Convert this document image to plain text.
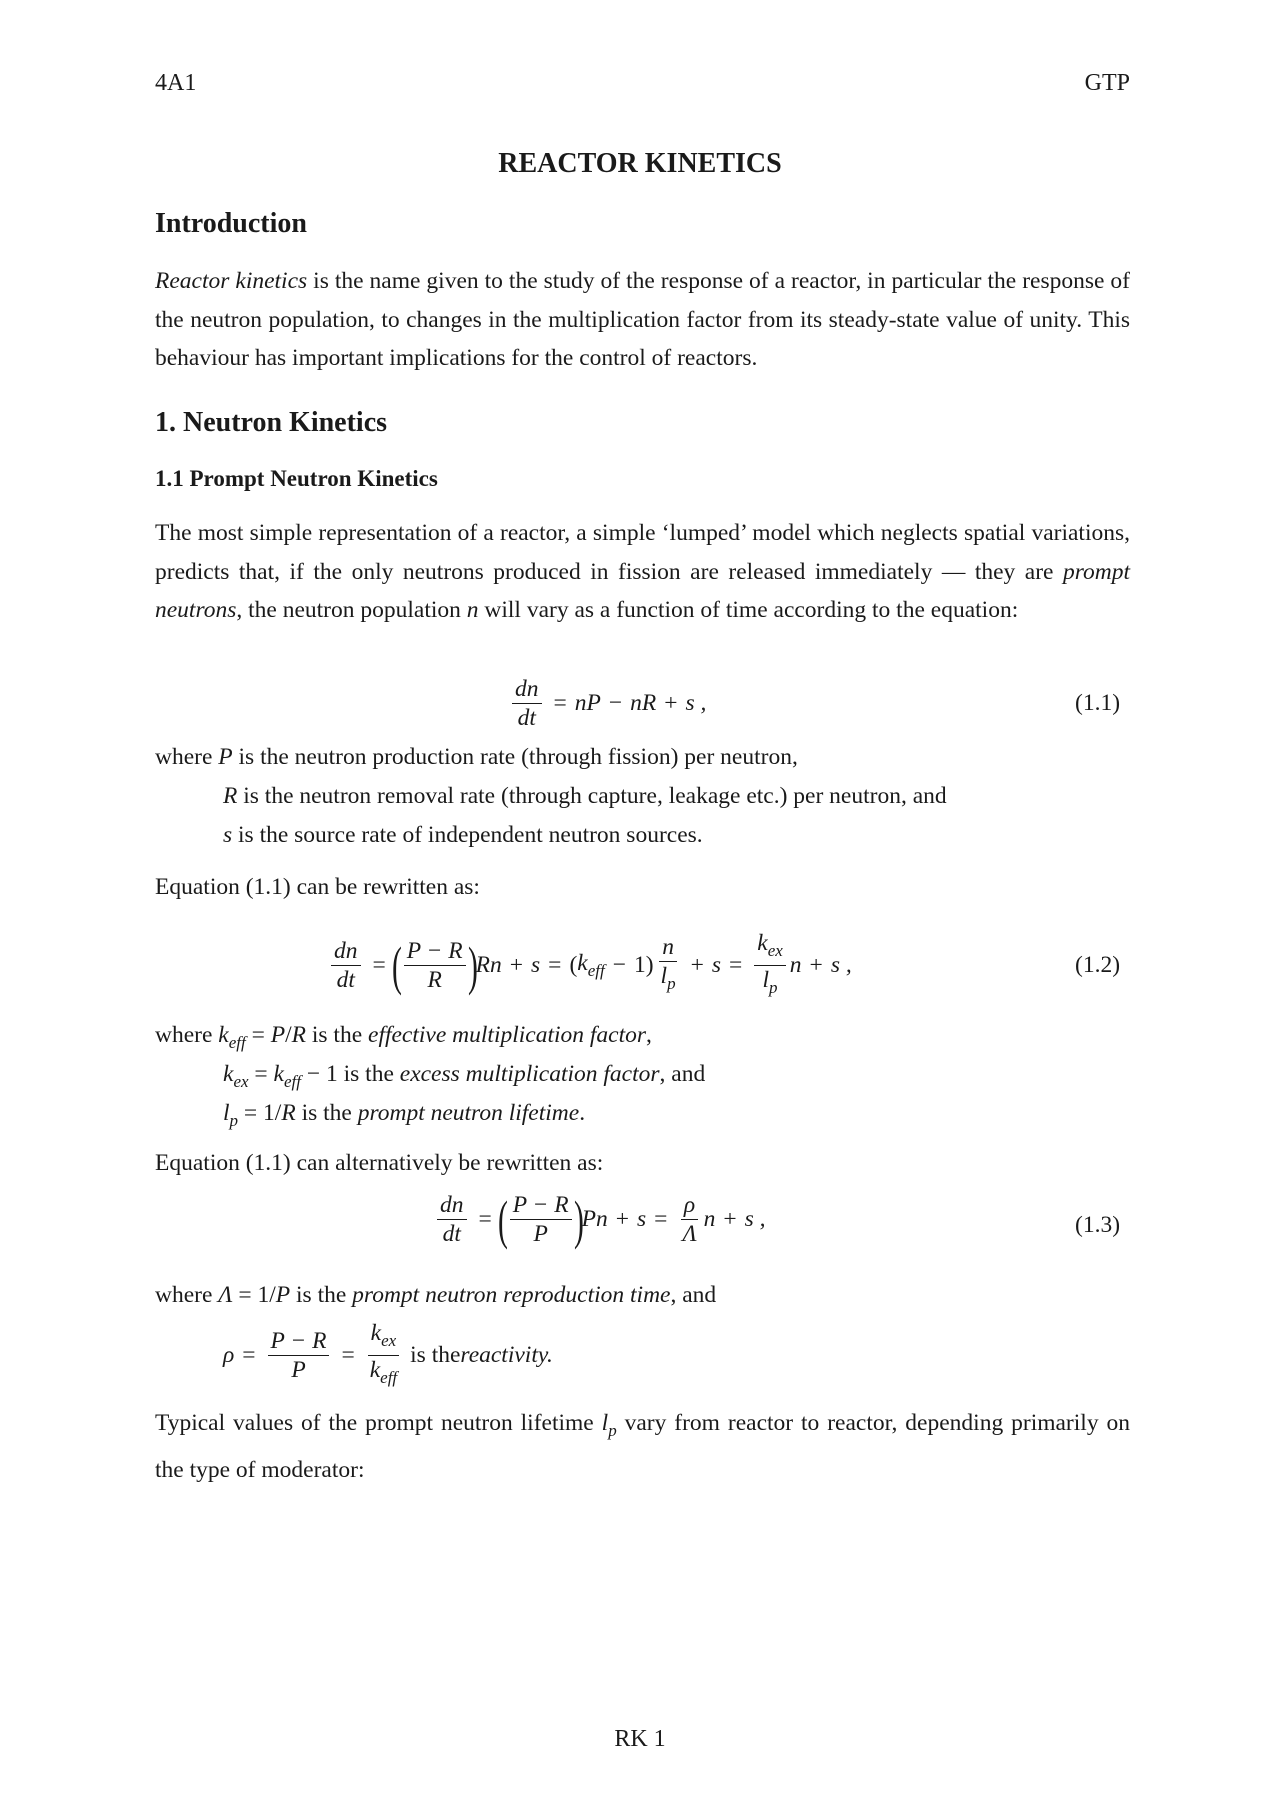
4A1	GTP
REACTOR KINETICS
Introduction
Reactor kinetics is the name given to the study of the response of a reactor, in particular the response of the neutron population, to changes in the multiplication factor from its steady-state value of unity. This behaviour has important implications for the control of reactors.
1. Neutron Kinetics
1.1 Prompt Neutron Kinetics
The most simple representation of a reactor, a simple ‘lumped’ model which neglects spatial variations, predicts that, if the only neutrons produced in fission are released immediately — they are prompt neutrons, the neutron population n will vary as a function of time according to the equation:
$\frac{dn}{dt}$ = nP − nR + s ,	(1.1)
where P is the neutron production rate (through fission) per neutron,
R is the neutron removal rate (through capture, leakage etc.) per neutron, and
s is the source rate of independent neutron sources.
Equation (1.1) can be rewritten as:
$\frac{dn}{dt}$ = ( $\frac{P - R}{R}$ )
Rn + s = ( $k_{eff} - 1) \frac{n}{l_p} + s = \frac{k_{ex}}{l_p}$ n + s ,	(1.2)
where $k_{eff} = P/R$ is the effective multiplication factor,
$k_{ex} = k_{eff} - 1$ is the excess multiplication factor, and
$l_p = 1/R$ is the prompt neutron lifetime.
Equation (1.1) can alternatively be rewritten as:
$\frac{dn}{dt}$ = ( $\frac{P - R}{P}$ )
$Pn + s = \frac{\rho}{\Lambda}$ n + s ,	(1.3)
where Λ = 1/P is the prompt neutron reproduction time, and
$\rho = \frac{P - R}{P} = \frac{k_{ex}}{k_{eff}}$ is the reactivity.
Typical values of the prompt neutron lifetime $l_p$ vary from reactor to reactor, depending primarily on the type of moderator:
RK 1
